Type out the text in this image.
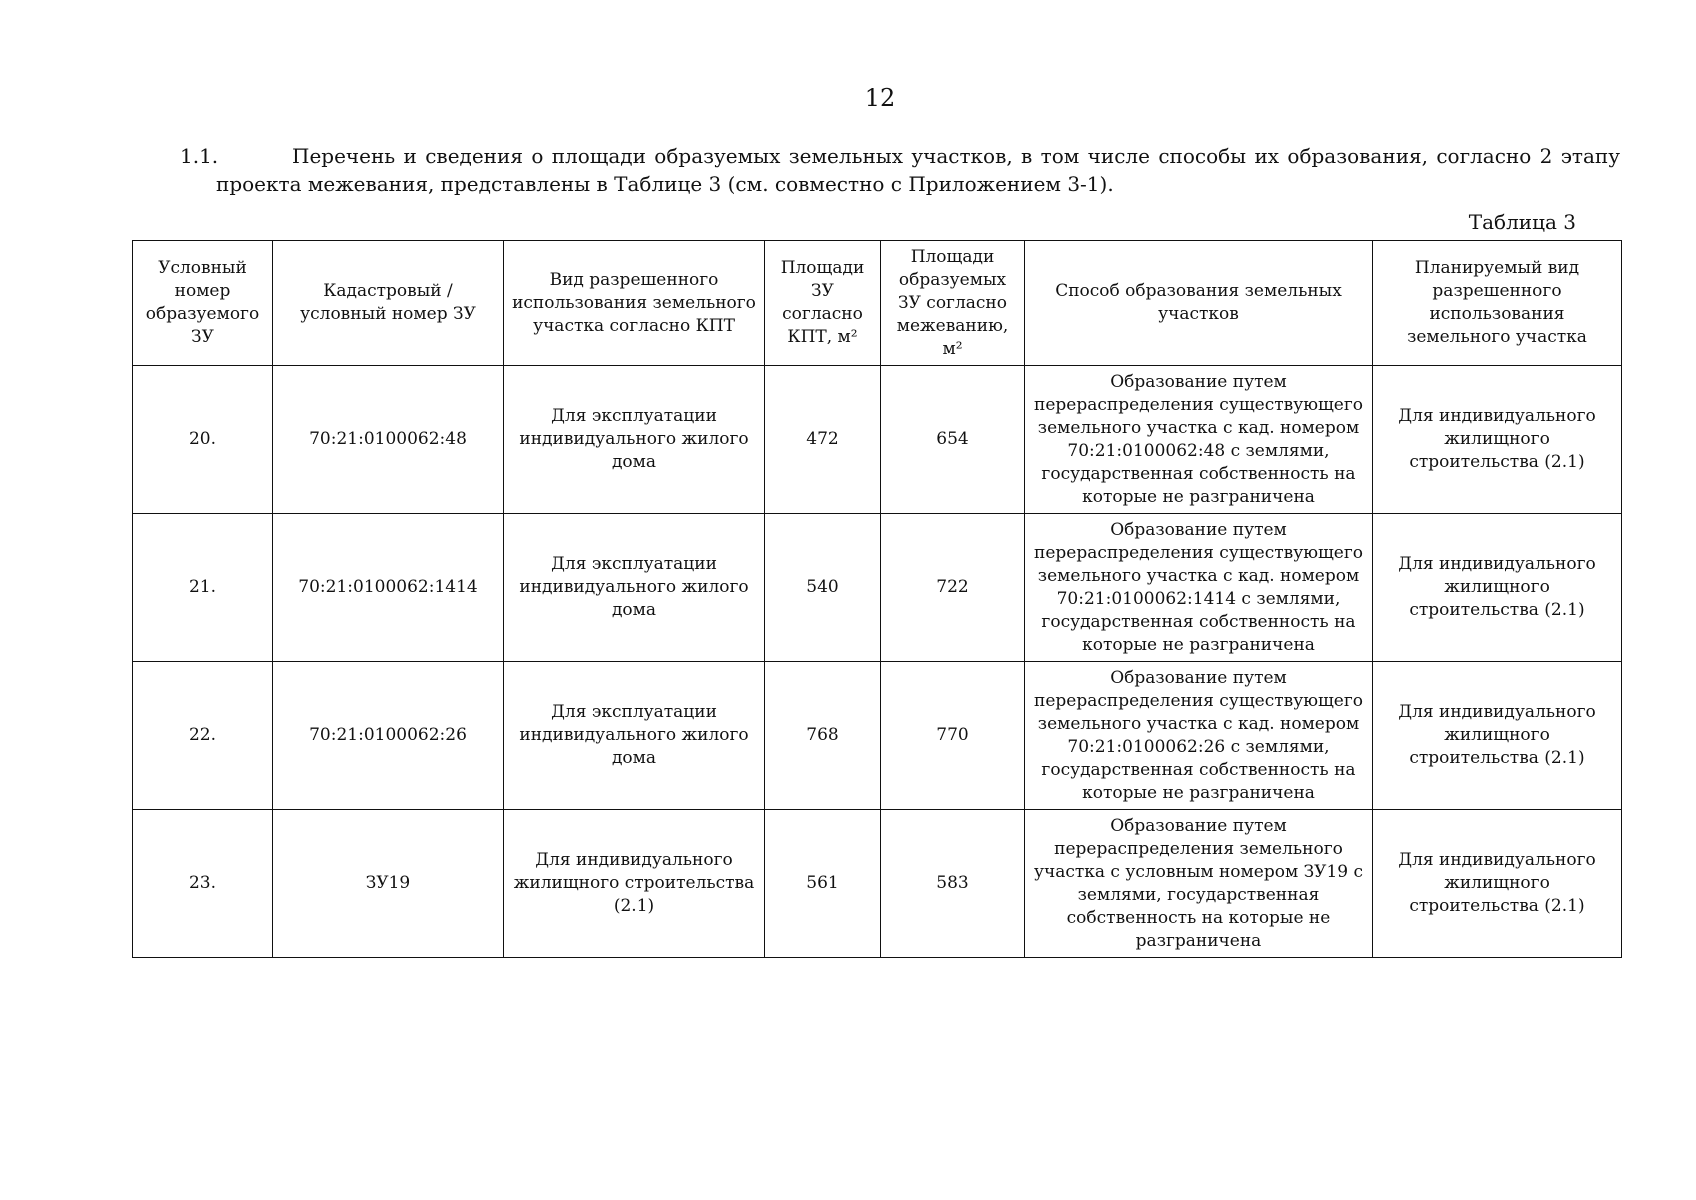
12
1.1.	Перечень и сведения о площади образуемых земельных участков, в том числе способы их образования, согласно 2 этапу
проекта межевания, представлены в Таблице 3 (см. совместно с Приложением 3-1).
Таблица 3
Условный номер образуемого ЗУ	Кадастровый / условный номер ЗУ	Вид разрешенного использования земельного участка согласно КПТ	Площади ЗУ согласно КПТ, м²	Площади образуемых ЗУ согласно межеванию, м²	Способ образования земельных участков	Планируемый вид разрешенного использования земельного участка
20.	70:21:0100062:48	Для эксплуатации индивидуального жилого дома	472	654	Образование путем перераспределения существующего земельного участка с кад. номером 70:21:0100062:48 с землями, государственная собственность на которые не разграничена	Для индивидуального жилищного строительства (2.1)
21.	70:21:0100062:1414	Для эксплуатации индивидуального жилого дома	540	722	Образование путем перераспределения существующего земельного участка с кад. номером 70:21:0100062:1414 с землями, государственная собственность на которые не разграничена	Для индивидуального жилищного строительства (2.1)
22.	70:21:0100062:26	Для эксплуатации индивидуального жилого дома	768	770	Образование путем перераспределения существующего земельного участка с кад. номером 70:21:0100062:26 с землями, государственная собственность на которые не разграничена	Для индивидуального жилищного строительства (2.1)
23.	ЗУ19	Для индивидуального жилищного строительства (2.1)	561	583	Образование путем перераспределения земельного участка с условным номером ЗУ19 с землями, государственная собственность на которые не разграничена	Для индивидуального жилищного строительства (2.1)
